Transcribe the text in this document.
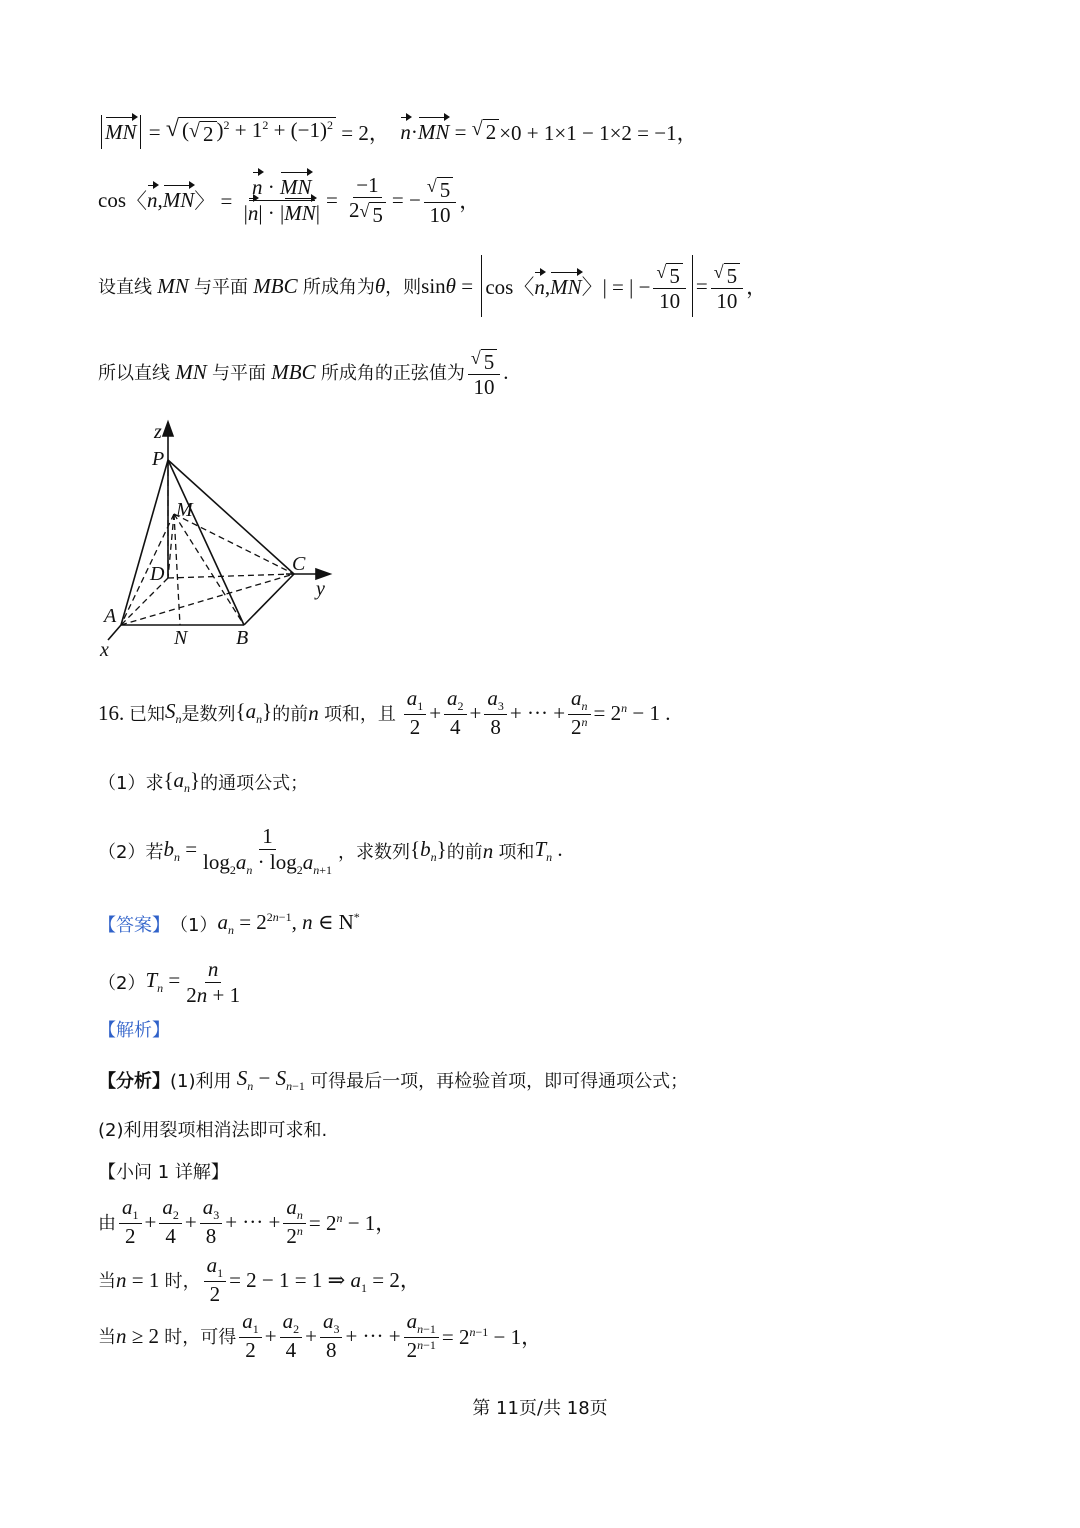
MN = √ ( √ 2 )$^2 + 1^2 + (-1)^2 = 2$， n · MN = √ 2 ×0 + 1×1 − 1×2 = −1，
cos 〈 n , MN 〉 = $\frac{n \cdot MN}{|n| \cdot |MN|} = \frac{-1}{2 √ 5}$ = − $\frac{√ 5}{10}$ ，
设直线 MN 与平面 MBC 所成角为 θ ，则 sinθ = cos〈n,MN〉| = | − $\frac{√ 5}{10} = \frac{√ 5}{10}$ ，
所以直线 MN 与平面 MBC 所成角的正弦值为 $\frac{√ 5}{10}$ .
z
P
M
D	C
y
A
N B
x
16.
已知 $S_n$ 是数列 $\{a_n\}$ 的前 n 项和，且
$\frac{a_1}{2} + \frac{a_2}{4} + \frac{a_3}{8}$ + ··· + $\frac{a_n}{2^n} = 2^n - 1$ .
（1）求 $\{a_n\}$ 的通项公式；
（2）若 $b_n = \frac{1}{\log_2a_n \cdot \log_2a_{n+1}}$ ，求数列 $\{b_n\}$ 的前 n 项和 $T_n$ .
【答案】 （1） $a_n = 2^{2n-1}$, n ∈ N*
（2） $T_n = \frac{n}{2n + 1}$
【解析】
【分析】 (1)利用 $S_n - S_{n-1}$ 可得最后一项，再检验首项，即可得通项公式；
(2)利用裂项相消法即可求和.
【小问 1 详解】
由 $\frac{a_1}{2} + \frac{a_2}{4} + \frac{a_3}{8}$ + ··· + $\frac{a_n}{2^n} = 2^n - 1$，
当 n = 1 时， $\frac{a_1}{2} = 2 - 1 = 1$ ⇒ $a_1 = 2$，
当 n ≥ 2 时，可得 $\frac{a_1}{2} + \frac{a_2}{4} + \frac{a_3}{8}$ + ··· + $\frac{a_{n-1}}{2^{n-1}} = 2^{n-1} - 1$，
第 11页/共 18页
